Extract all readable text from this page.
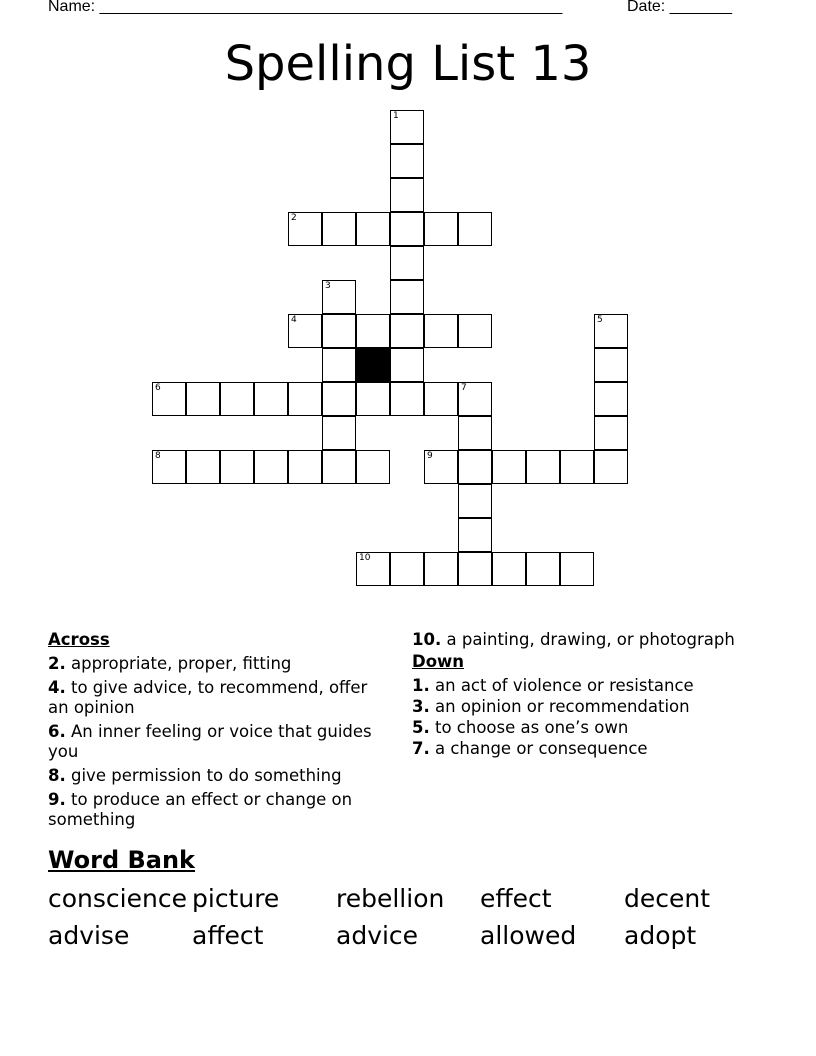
Name: ____________________________________________________	Date: _______
Spelling List 13
1
2
3
4	5
6	7
8	9
10
Across
2. appropriate, proper, fitting
4. to give advice, to recommend, offer an opinion
6. An inner feeling or voice that guides you
8. give permission to do something
9. to produce an effect or change on something
10. a painting, drawing, or photograph
Down
1. an act of violence or resistance
3. an opinion or recommendation
5. to choose as one’s own
7. a change or consequence
Word Bank
conscience picture rebellion effect	decent
advise	affect	advice allowed adopt
